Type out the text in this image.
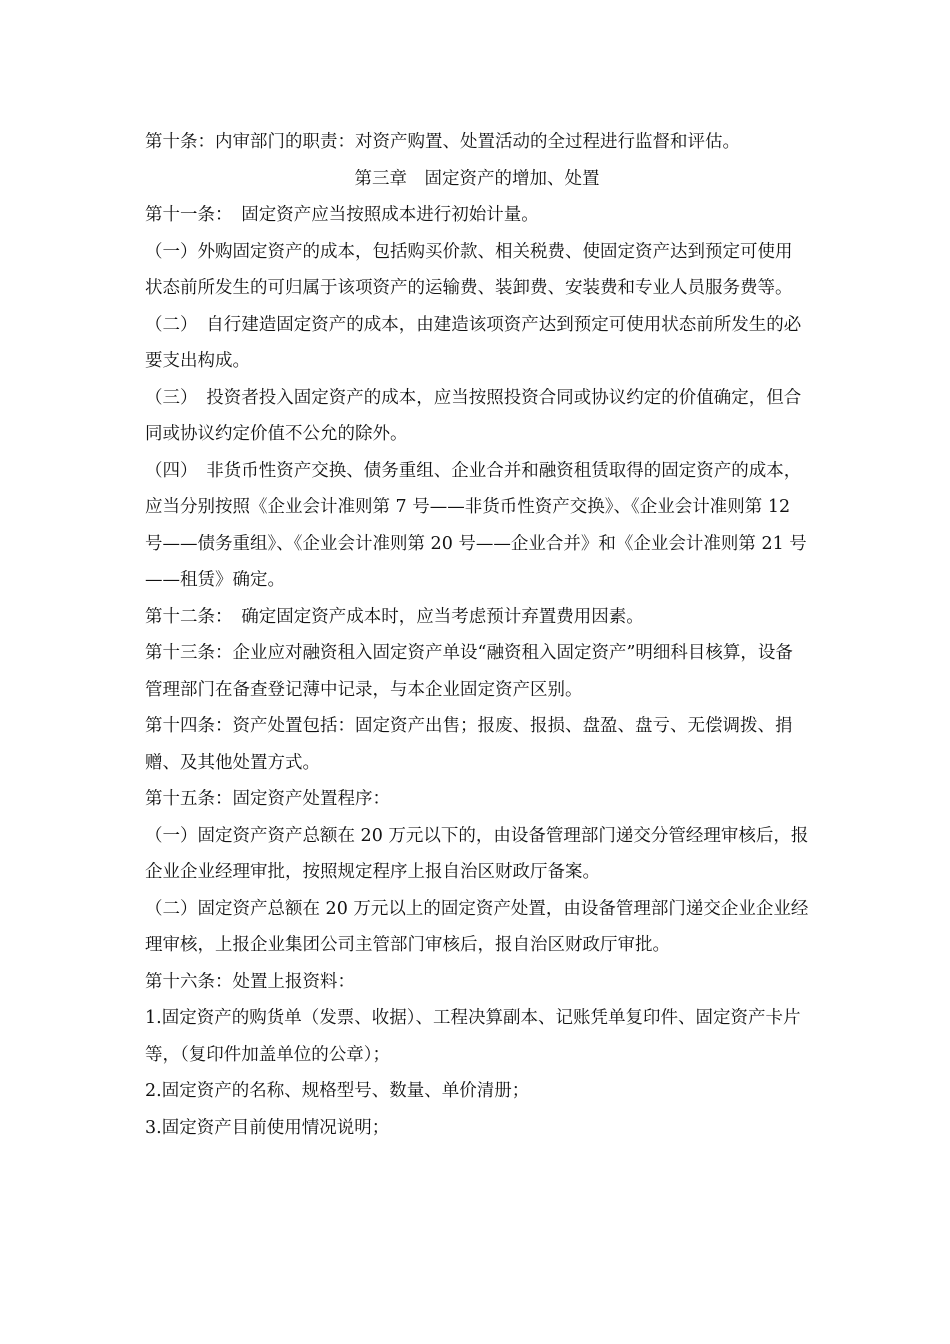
第十条：内审部门的职责：对资产购置、处置活动的全过程进行监督和评估。

第三章　固定资产的增加、处置

第十一条：　固定资产应当按照成本进行初始计量。

（一）外购固定资产的成本，包括购买价款、相关税费、使固定资产达到预定可使用状态前所发生的可归属于该项资产的运输费、装卸费、安装费和专业人员服务费等。

（二）　自行建造固定资产的成本，由建造该项资产达到预定可使用状态前所发生的必要支出构成。

（三）　投资者投入固定资产的成本，应当按照投资合同或协议约定的价值确定，但合同或协议约定价值不公允的除外。

（四）　非货币性资产交换、债务重组、企业合并和融资租赁取得的固定资产的成本，应当分别按照《企业会计准则第 7 号——非货币性资产交换》、《企业会计准则第 12 号——债务重组》、《企业会计准则第 20 号——企业合并》和《企业会计准则第 21 号——租赁》确定。

第十二条：　确定固定资产成本时，应当考虑预计弃置费用因素。

第十三条：企业应对融资租入固定资产单设“融资租入固定资产”明细科目核算，设备管理部门在备查登记薄中记录，与本企业固定资产区别。

第十四条：资产处置包括：固定资产出售；报废、报损、盘盈、盘亏、无偿调拨、捐赠、及其他处置方式。

第十五条：固定资产处置程序：

（一）固定资产资产总额在 20 万元以下的，由设备管理部门递交分管经理审核后，报企业企业经理审批，按照规定程序上报自治区财政厅备案。

（二）固定资产总额在 20 万元以上的固定资产处置，由设备管理部门递交企业企业经理审核，上报企业集团公司主管部门审核后，报自治区财政厅审批。

第十六条：处置上报资料：

1.固定资产的购货单（发票、收据）、工程决算副本、记账凭单复印件、固定资产卡片等，（复印件加盖单位的公章）；

2.固定资产的名称、规格型号、数量、单价清册；

3.固定资产目前使用情况说明；
